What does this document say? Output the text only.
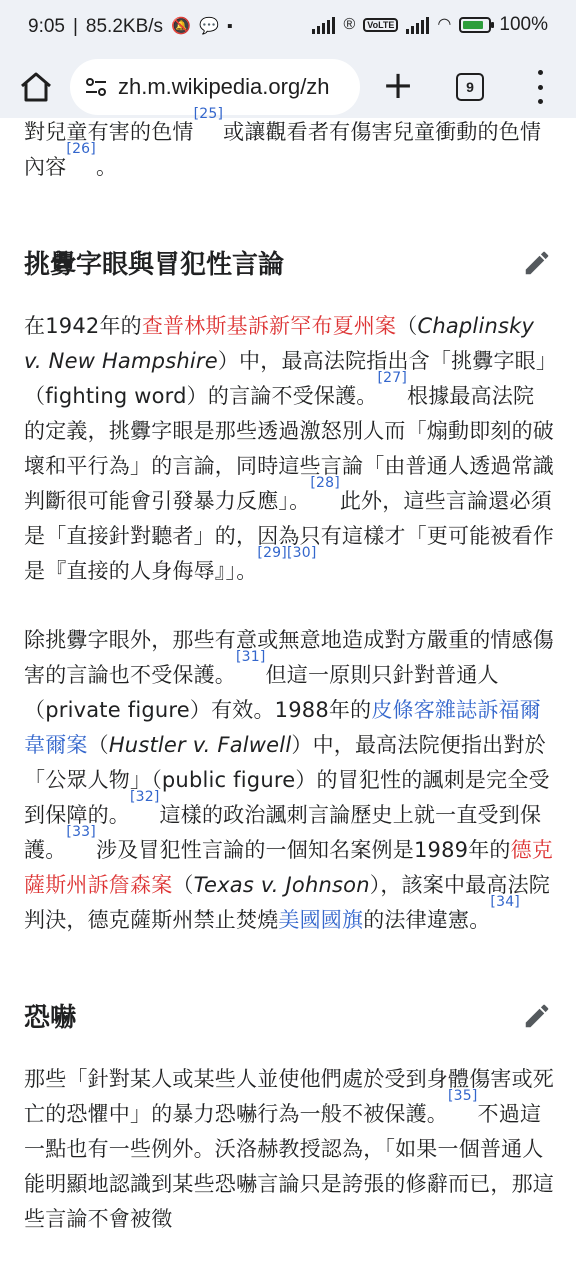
9:05 | 85.2KB/s 🔕 💬 ▪	®	VoLTE	◠	100%
zh.m.wikipedia.org/zh +	9

對兒童有害的色情[25]或讓觀看者有傷害兒童衝動的色情內容[26]。

挑釁字眼與冒犯性言論

在1942年的查普林斯基訴新罕布夏州案（Chaplinsky v. New Hampshire）中，最高法院指出含「挑釁字眼」（fighting word）的言論不受保護。[27]根據最高法院的定義，挑釁字眼是那些透過激怒別人而「煽動即刻的破壞和平行為」的言論，同時這些言論「由普通人透過常識判斷很可能會引發暴力反應」。[28]此外，這些言論還必須是「直接針對聽者」的，因為只有這樣才「更可能被看作是『直接的人身侮辱』」。[29][30]

除挑釁字眼外，那些有意或無意地造成對方嚴重的情感傷害的言論也不受保護。[31]但這一原則只針對普通人（private figure）有效。1988年的皮條客雜誌訴福爾韋爾案（Hustler v. Falwell）中，最高法院便指出對於「公眾人物」（public figure）的冒犯性的諷刺是完全受到保障的。[32]這樣的政治諷刺言論歷史上就一直受到保護。[33]涉及冒犯性言論的一個知名案例是1989年的德克薩斯州訴詹森案（Texas v. Johnson），該案中最高法院判決，德克薩斯州禁止焚燒美國國旗的法律違憲。[34]

恐嚇

那些「針對某人或某些人並使他們處於受到身體傷害或死亡的恐懼中」的暴力恐嚇行為一般不被保護。[35]不過這一點也有一些例外。沃洛赫教授認為，「如果一個普通人能明顯地認識到某些恐嚇言論只是誇張的修辭而已，那這些言論不會被徵
